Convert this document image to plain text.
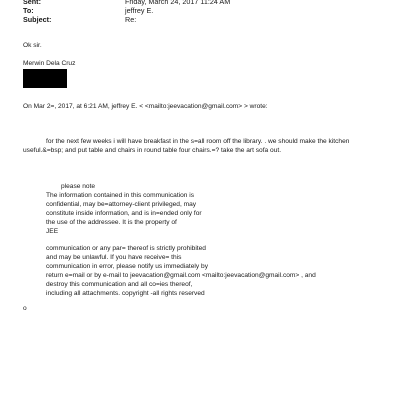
Sent:	Friday, March 24, 2017 11:24 AM
To:	jeffrey E.
Subject:	Re:
Ok sir.
Merwin Dela Cruz
On Mar 2=, 2017, at 6:21 AM, jeffrey E. < <mailto:jeevacation@gmail.com> > wrote:
for the next few weeks i will have breakfast in the s=all room off the library. . we should make the kitchen
useful.&=bsp; and put table and chairs in round table four chairs.=? take the art sofa out.
please note
The information contained in this communication is
confidential, may be=attorney-client privileged, may
constitute inside information, and is in=ended only for
the use of the addressee. It is the property of
JEE
communication or any par= thereof is strictly prohibited
and may be unlawful. If you have receive= this
communication in error, please notify us immediately by
return e=mail or by e-mail to jeevacation@gmail.com <mailto:jeevacation@gmail.com> , and
destroy this communication and all co=ies thereof,
including all attachments. copyright -all rights reserved
o
